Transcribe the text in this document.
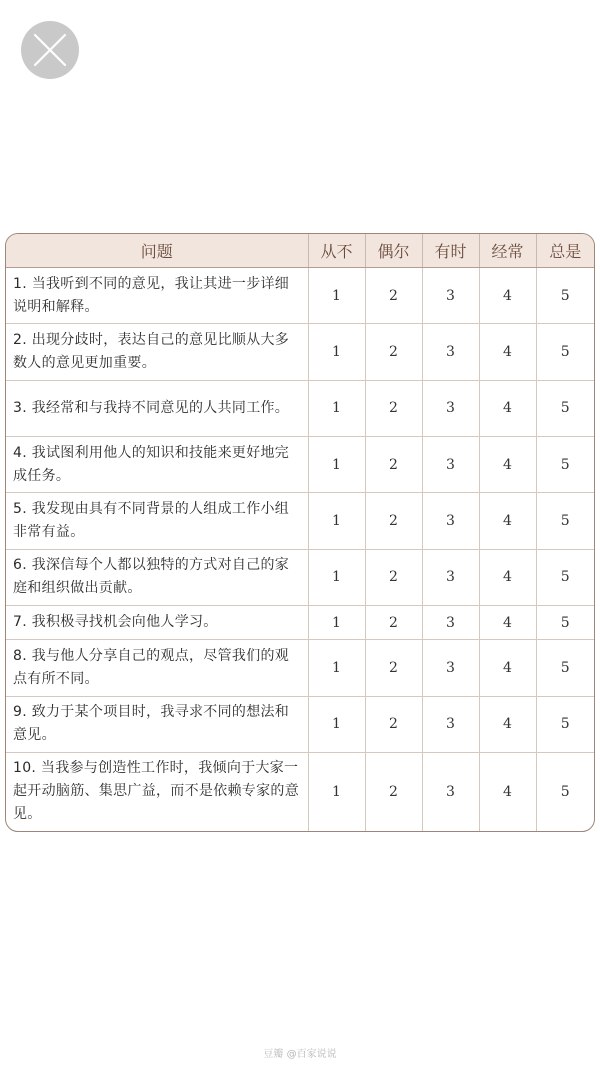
问题	从不	偶尔	有时	经常	总是
1. 当我听到不同的意见，我让其进一步详细说明和解释。	1	2	3	4	5
2. 出现分歧时，表达自己的意见比顺从大多数人的意见更加重要。	1	2	3	4	5
3. 我经常和与我持不同意见的人共同工作。	1	2	3	4	5
4. 我试图利用他人的知识和技能来更好地完成任务。	1	2	3	4	5
5. 我发现由具有不同背景的人组成工作小组非常有益。	1	2	3	4	5
6. 我深信每个人都以独特的方式对自己的家庭和组织做出贡献。	1	2	3	4	5
7. 我积极寻找机会向他人学习。	1	2	3	4	5
8. 我与他人分享自己的观点，尽管我们的观点有所不同。	1	2	3	4	5
9. 致力于某个项目时，我寻求不同的想法和意见。	1	2	3	4	5
10. 当我参与创造性工作时，我倾向于大家一起开动脑筋、集思广益，而不是依赖专家的意见。	1	2	3	4	5
豆瓣 @百家说说
